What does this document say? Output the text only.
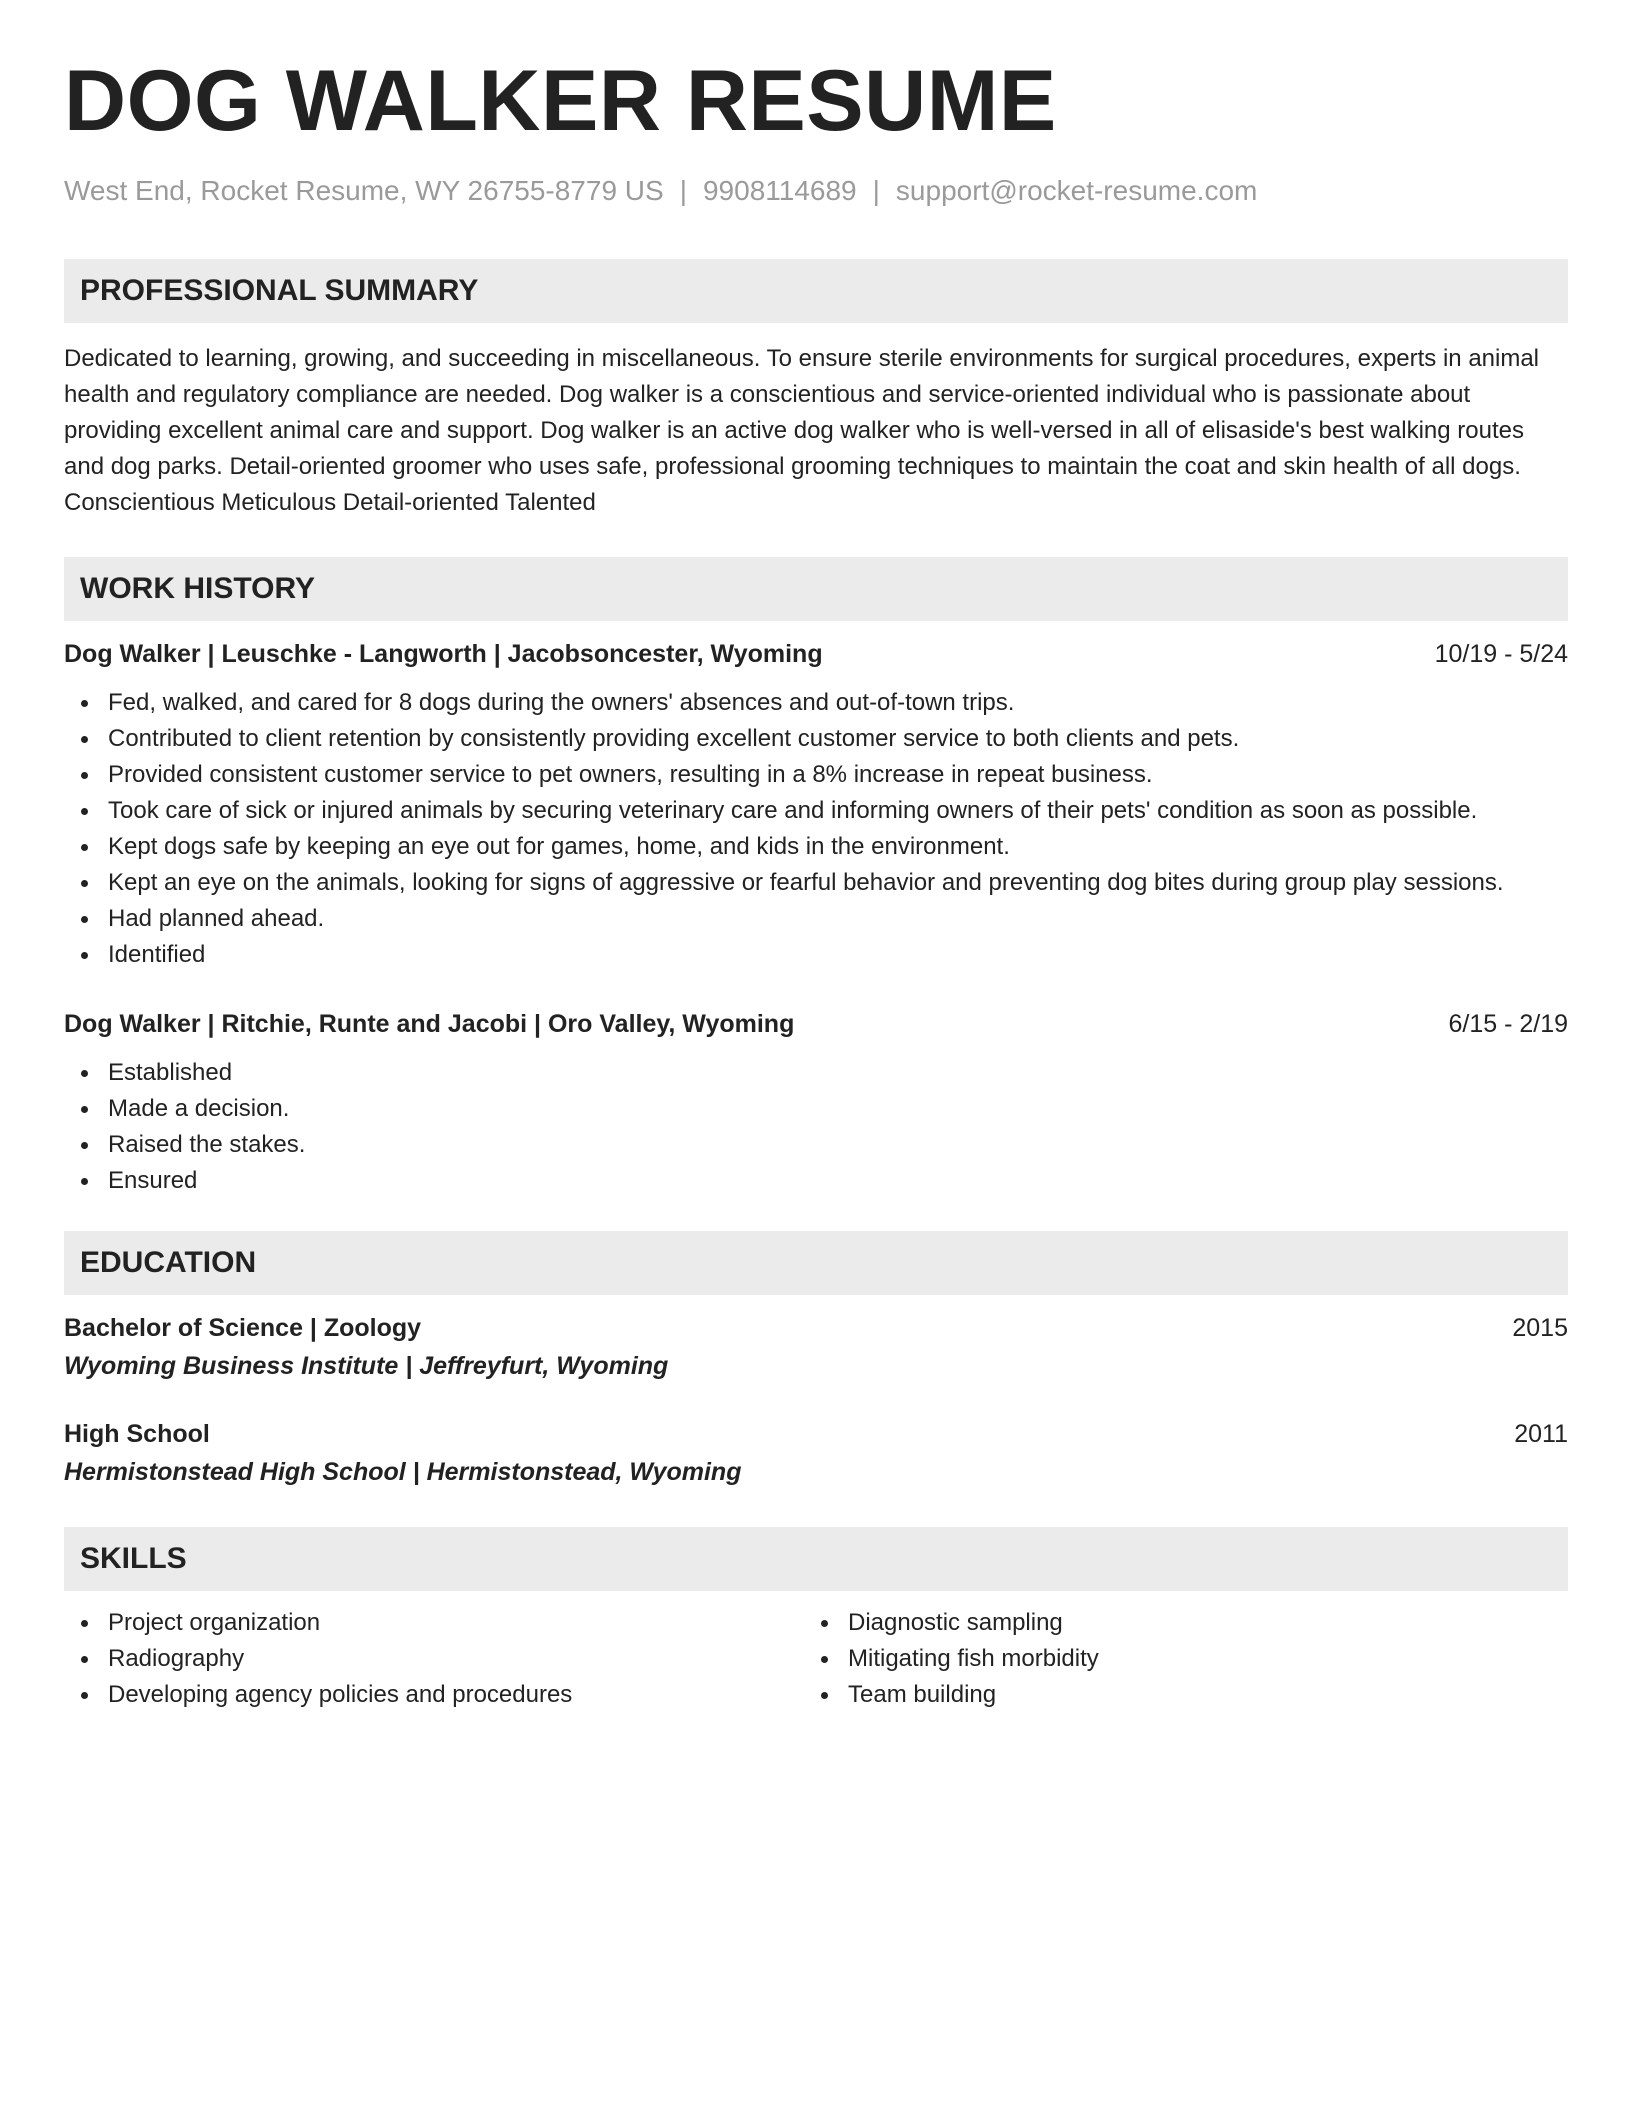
DOG WALKER RESUME
West End, Rocket Resume, WY 26755-8779 US | 9908114689 | support@rocket-resume.com
PROFESSIONAL SUMMARY

Dedicated to learning, growing, and succeeding in miscellaneous. To ensure sterile environments for surgical procedures, experts in animal health and regulatory compliance are needed. Dog walker is a conscientious and service-oriented individual who is passionate about providing excellent animal care and support. Dog walker is an active dog walker who is well-versed in all of elisaside's best walking routes and dog parks. Detail-oriented groomer who uses safe, professional grooming techniques to maintain the coat and skin health of all dogs. Conscientious Meticulous Detail-oriented Talented

WORK HISTORY
Dog Walker | Leuschke - Langworth | Jacobsoncester, Wyoming	10/19 - 5/24
Fed, walked, and cared for 8 dogs during the owners' absences and out-of-town trips.
Contributed to client retention by consistently providing excellent customer service to both clients and pets.
Provided consistent customer service to pet owners, resulting in a 8% increase in repeat business.
Took care of sick or injured animals by securing veterinary care and informing owners of their pets' condition as soon as possible.
Kept dogs safe by keeping an eye out for games, home, and kids in the environment.
Kept an eye on the animals, looking for signs of aggressive or fearful behavior and preventing dog bites during group play sessions.
Had planned ahead.
Identified
Dog Walker | Ritchie, Runte and Jacobi | Oro Valley, Wyoming	6/15 - 2/19
Established
Made a decision.
Raised the stakes.
Ensured
EDUCATION
Bachelor of Science | Zoology	2015
Wyoming Business Institute | Jeffreyfurt, Wyoming
High School	2011
Hermistonstead High School | Hermistonstead, Wyoming
SKILLS
Project organization
Radiography
Developing agency policies and procedures
Diagnostic sampling
Mitigating fish morbidity
Team building
